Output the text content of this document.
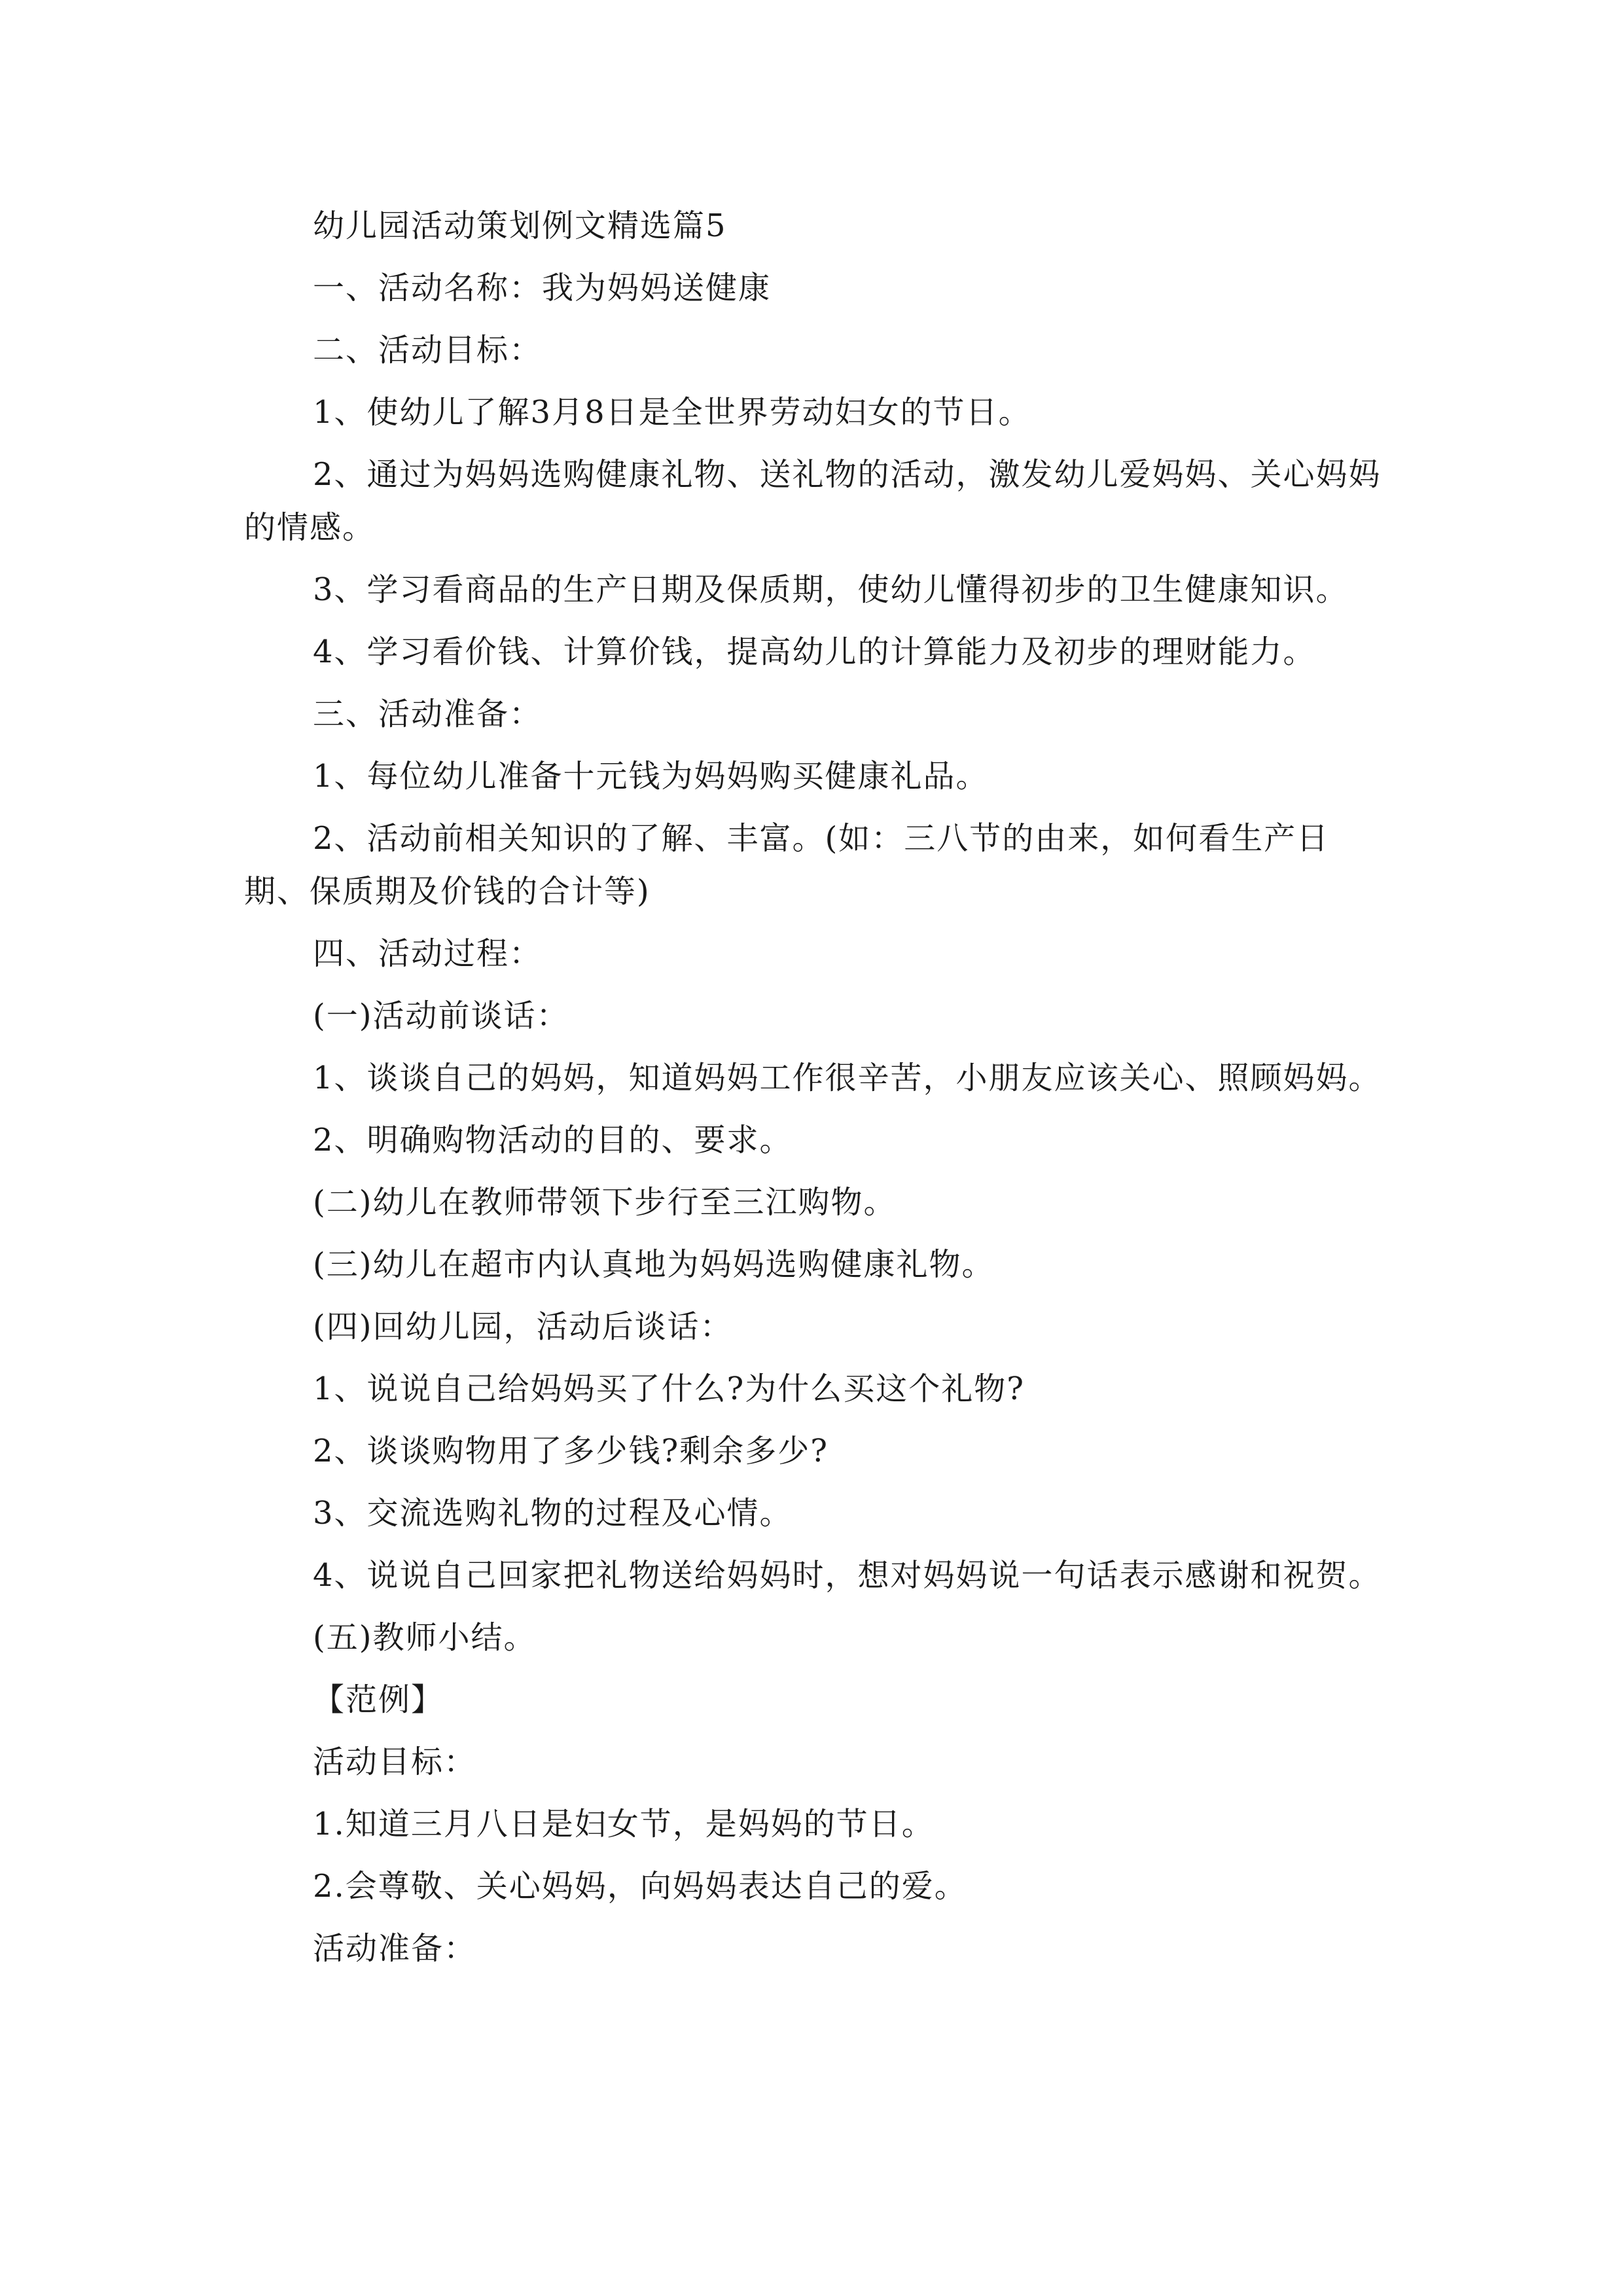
幼儿园活动策划例文精选篇5

一、活动名称：我为妈妈送健康

二、活动目标：

1、使幼儿了解3月8日是全世界劳动妇女的节日。

2、通过为妈妈选购健康礼物、送礼物的活动，激发幼儿爱妈妈、关心妈妈的情感。

3、学习看商品的生产日期及保质期，使幼儿懂得初步的卫生健康知识。

4、学习看价钱、计算价钱，提高幼儿的计算能力及初步的理财能力。

三、活动准备：

1、每位幼儿准备十元钱为妈妈购买健康礼品。

2、活动前相关知识的了解、丰富。(如：三八节的由来，如何看生产日期、保质期及价钱的合计等)

四、活动过程：

(一)活动前谈话：

1、谈谈自己的妈妈，知道妈妈工作很辛苦，小朋友应该关心、照顾妈妈。

2、明确购物活动的目的、要求。

(二)幼儿在教师带领下步行至三江购物。

(三)幼儿在超市内认真地为妈妈选购健康礼物。

(四)回幼儿园，活动后谈话：

1、说说自己给妈妈买了什么?为什么买这个礼物?

2、谈谈购物用了多少钱?剩余多少?

3、交流选购礼物的过程及心情。

4、说说自己回家把礼物送给妈妈时，想对妈妈说一句话表示感谢和祝贺。

(五)教师小结。

【范例】

活动目标：

1.知道三月八日是妇女节，是妈妈的节日。

2.会尊敬、关心妈妈，向妈妈表达自己的爱。

活动准备：
